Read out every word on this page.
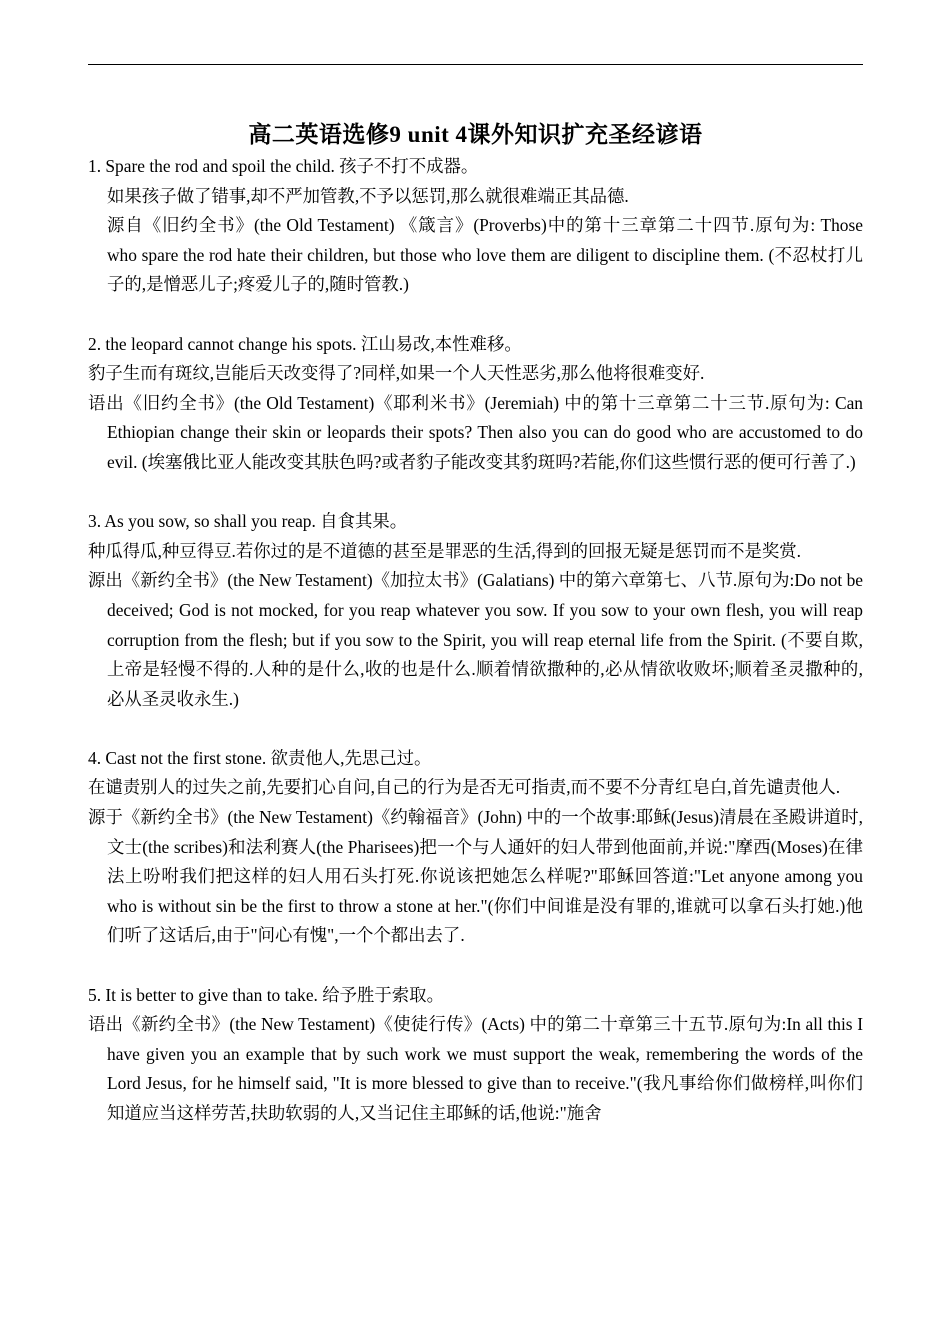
高二英语选修9 unit 4课外知识扩充圣经谚语

1. Spare the rod and spoil the child. 孩子不打不成器。

如果孩子做了错事,却不严加管教,不予以惩罚,那么就很难端正其品德.

源自《旧约全书》(the Old Testament) 《箴言》(Proverbs)中的第十三章第二十四节.原句为: Those who spare the rod hate their children, but those who love them are diligent to discipline them. (不忍杖打儿子的,是憎恶儿子;疼爱儿子的,随时管教.)

2. the leopard cannot change his spots. 江山易改,本性难移。

豹子生而有斑纹,岂能后天改变得了?同样,如果一个人天性恶劣,那么他将很难变好.

语出《旧约全书》(the Old Testament)《耶利米书》(Jeremiah) 中的第十三章第二十三节.原句为: Can Ethiopian change their skin or leopards their spots? Then also you can do good who are accustomed to do evil. (埃塞俄比亚人能改变其肤色吗?或者豹子能改变其豹斑吗?若能,你们这些惯行恶的便可行善了.)

3. As you sow, so shall you reap. 自食其果。

种瓜得瓜,种豆得豆.若你过的是不道德的甚至是罪恶的生活,得到的回报无疑是惩罚而不是奖赏.

源出《新约全书》(the New Testament)《加拉太书》(Galatians) 中的第六章第七、八节.原句为:Do not be deceived; God is not mocked, for you reap whatever you sow. If you sow to your own flesh, you will reap corruption from the flesh; but if you sow to the Spirit, you will reap eternal life from the Spirit. (不要自欺,上帝是轻慢不得的.人种的是什么,收的也是什么.顺着情欲撒种的,必从情欲收败坏;顺着圣灵撒种的,必从圣灵收永生.)

4. Cast not the first stone. 欲责他人,先思己过。

在谴责别人的过失之前,先要扪心自问,自己的行为是否无可指责,而不要不分青红皂白,首先谴责他人.

源于《新约全书》(the New Testament)《约翰福音》(John) 中的一个故事:耶稣(Jesus)清晨在圣殿讲道时,文士(the scribes)和法利赛人(the Pharisees)把一个与人通奸的妇人带到他面前,并说:"摩西(Moses)在律法上吩咐我们把这样的妇人用石头打死.你说该把她怎么样呢?"耶稣回答道:"Let anyone among you who is without sin be the first to throw a stone at her."(你们中间谁是没有罪的,谁就可以拿石头打她.)他们听了这话后,由于"问心有愧",一个个都出去了.

5. It is better to give than to take. 给予胜于索取。

语出《新约全书》(the New Testament)《使徒行传》(Acts) 中的第二十章第三十五节.原句为:In all this I have given you an example that by such work we must support the weak, remembering the words of the Lord Jesus, for he himself said, "It is more blessed to give than to receive."(我凡事给你们做榜样,叫你们知道应当这样劳苦,扶助软弱的人,又当记住主耶稣的话,他说:"施舍
